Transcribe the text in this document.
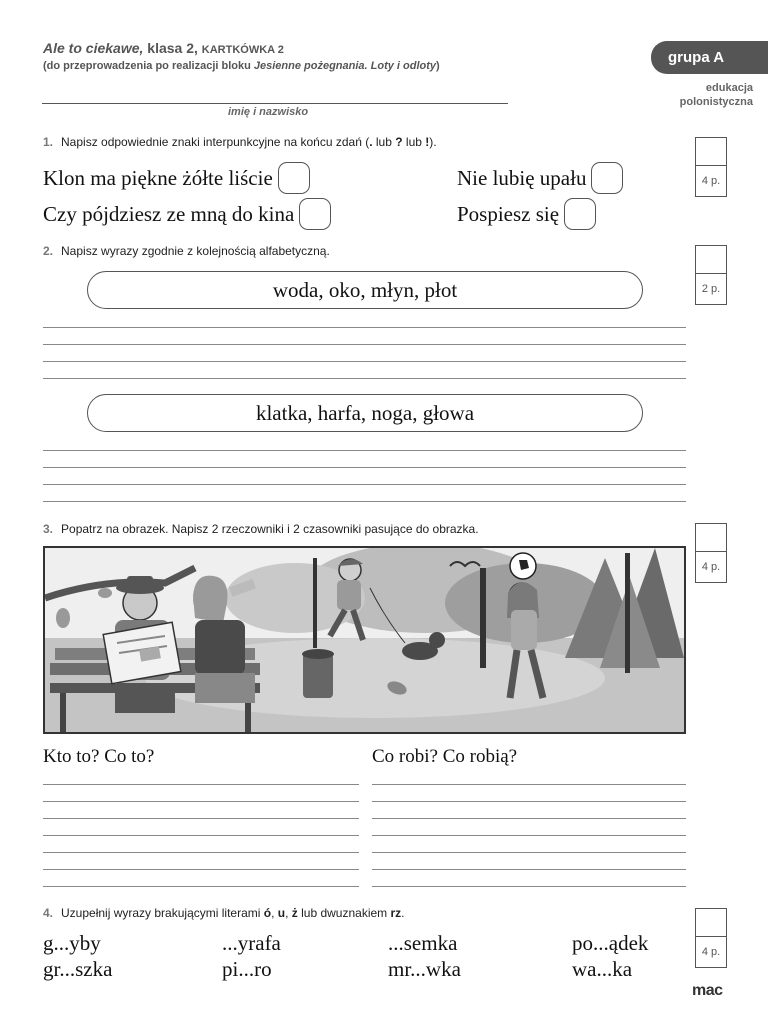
Ale to ciekawe, klasa 2, KARTKÓWKA 2
(do przeprowadzenia po realizacji bloku Jesienne pożegnania. Loty i odloty)
imię i nazwisko
grupa A
edukacja
polonistyczna
1. Napisz odpowiednie znaki interpunkcyjne na końcu zdań (. lub ? lub !).
Klon ma piękne żółte liście	Nie lubię upału
Czy pójdziesz ze mną do kina	Pospiesz się
4 p.
2. Napisz wyrazy zgodnie z kolejnością alfabetyczną.
2 p.
woda, oko, młyn, płot
klatka, harfa, noga, głowa
3. Popatrz na obrazek. Napisz 2 rzeczowniki i 2 czasowniki pasujące do obrazka.
4 p.
Kto to? Co to?	Co robi? Co robią?
4. Uzupełnij wyrazy brakującymi literami ó, u, ż lub dwuznakiem rz.
4 p.
g...yby	...yrafa	...semka	po...ądek
gr...szka	pi...ro	mr...wka	wa...ka
mac
